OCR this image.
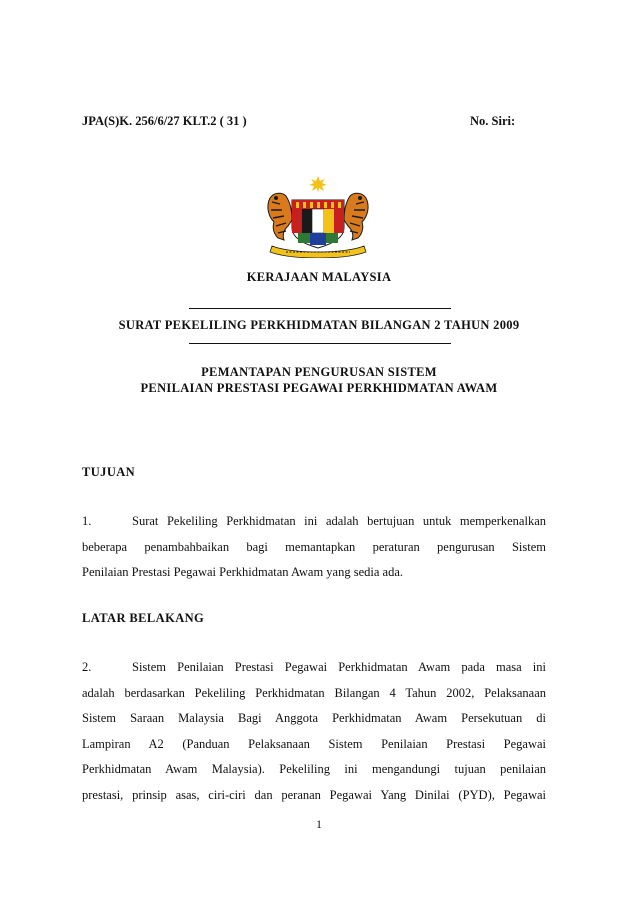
JPA(S)K. 256/6/27 KLT.2 ( 31 )	No. Siri:
KERAJAAN MALAYSIA
SURAT PEKELILING PERKHIDMATAN BILANGAN 2 TAHUN 2009
PEMANTAPAN PENGURUSAN SISTEM
PENILAIAN PRESTASI PEGAWAI PERKHIDMATAN AWAM
TUJUAN
1.	Surat Pekeliling Perkhidmatan ini adalah bertujuan untuk memperkenalkan
beberapa penambahbaikan bagi memantapkan peraturan pengurusan Sistem
Penilaian Prestasi Pegawai Perkhidmatan Awam yang sedia ada.
LATAR BELAKANG
2.	Sistem Penilaian Prestasi Pegawai Perkhidmatan Awam pada masa ini
adalah berdasarkan Pekeliling Perkhidmatan Bilangan 4 Tahun 2002, Pelaksanaan
Sistem Saraan Malaysia Bagi Anggota Perkhidmatan Awam Persekutuan di
Lampiran A2 (Panduan Pelaksanaan Sistem Penilaian Prestasi Pegawai
Perkhidmatan Awam Malaysia). Pekeliling ini mengandungi tujuan penilaian
prestasi, prinsip asas, ciri-ciri dan peranan Pegawai Yang Dinilai (PYD), Pegawai
1
